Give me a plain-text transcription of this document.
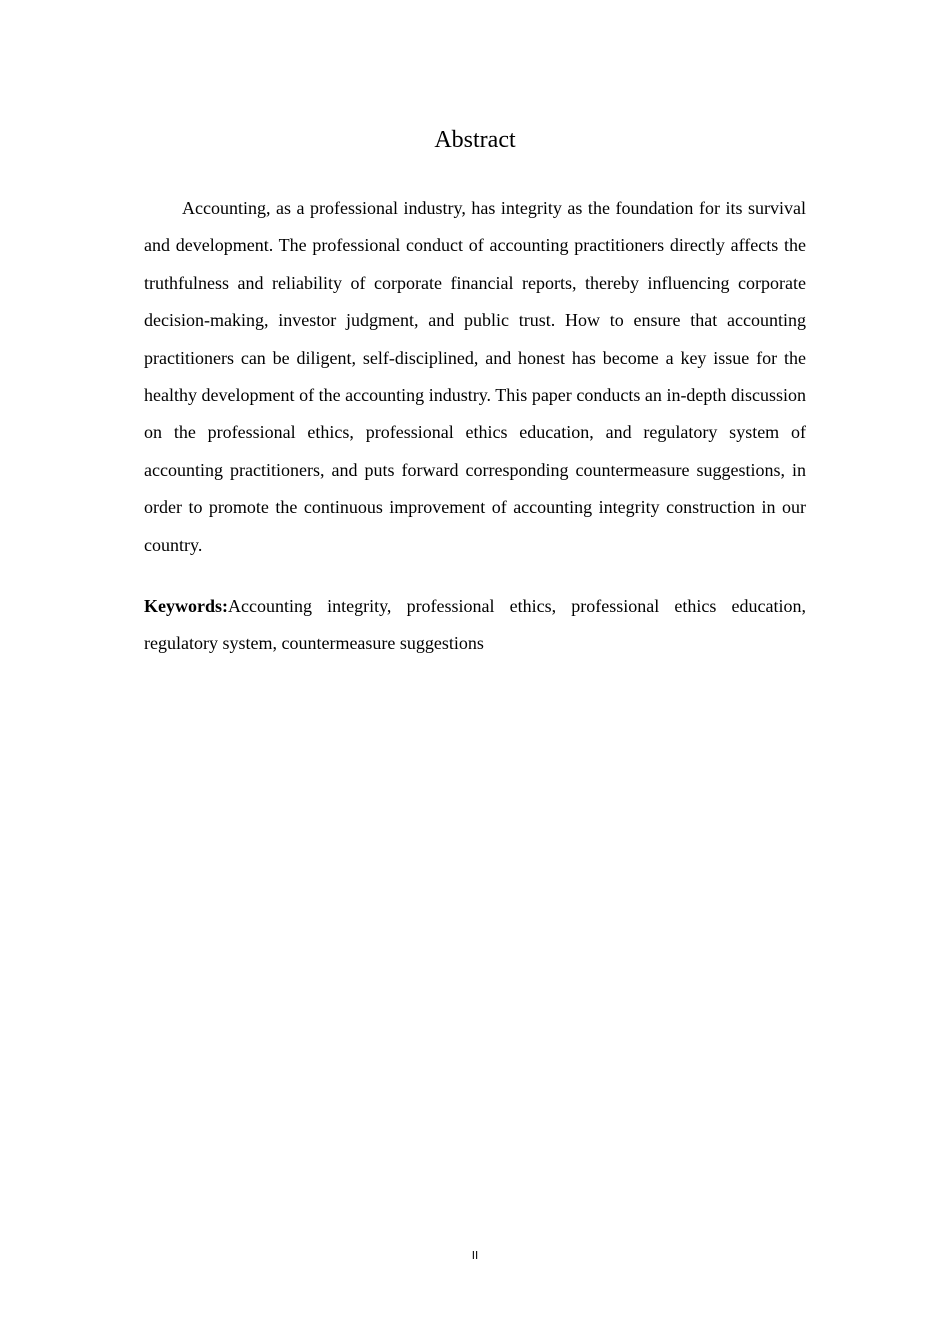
Abstract

Accounting, as a professional industry, has integrity as the foundation for its survival and development. The professional conduct of accounting practitioners directly affects the truthfulness and reliability of corporate financial reports, thereby influencing corporate decision-making, investor judgment, and public trust. How to ensure that accounting practitioners can be diligent, self-disciplined, and honest has become a key issue for the healthy development of the accounting industry. This paper conducts an in-depth discussion on the professional ethics, professional ethics education, and regulatory system of accounting practitioners, and puts forward corresponding countermeasure suggestions, in order to promote the continuous improvement of accounting integrity construction in our country.

Keywords:Accounting integrity, professional ethics, professional ethics education, regulatory system, countermeasure suggestions

II
